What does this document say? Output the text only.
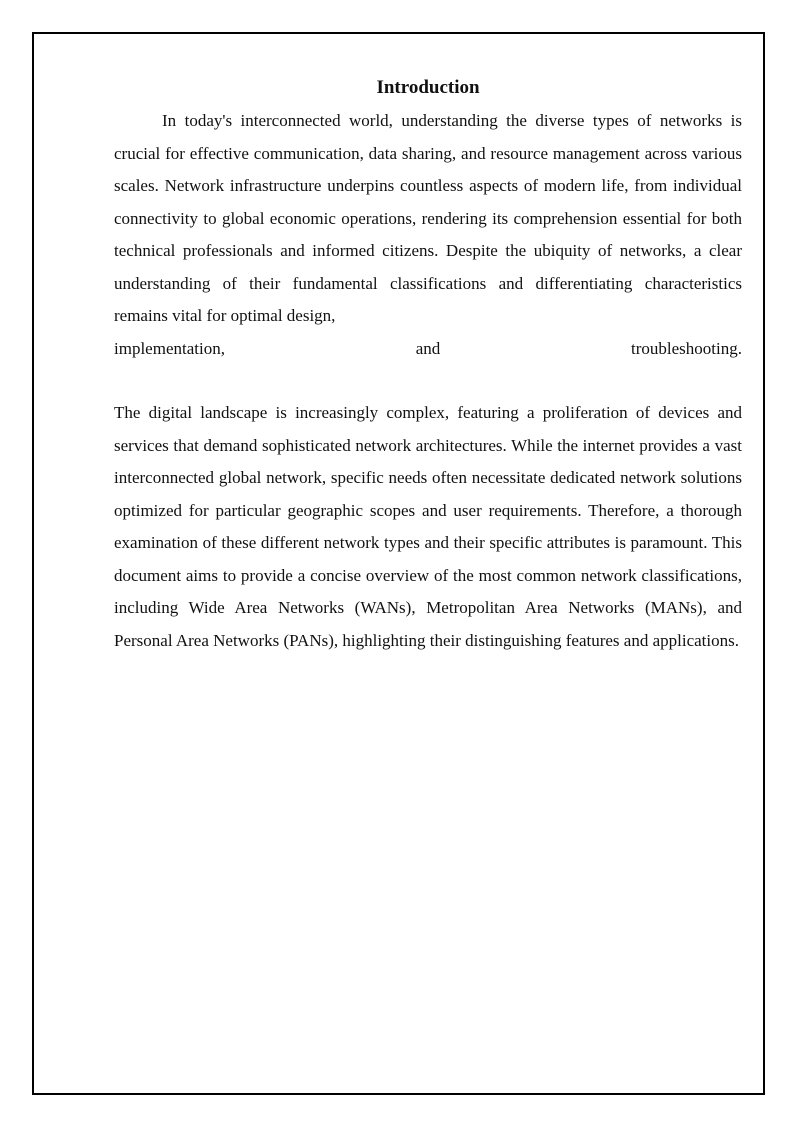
Introduction

In today's interconnected world, understanding the diverse types of networks is crucial for effective communication, data sharing, and resource management across various scales. Network infrastructure underpins countless aspects of modern life, from individual connectivity to global economic operations, rendering its comprehension essential for both technical professionals and informed citizens. Despite the ubiquity of networks, a clear understanding of their fundamental classifications and differentiating characteristics remains vital for optimal design,

implementation,	and	troubleshooting.

The digital landscape is increasingly complex, featuring a proliferation of devices and services that demand sophisticated network architectures. While the internet provides a vast interconnected global network, specific needs often necessitate dedicated network solutions optimized for particular geographic scopes and user requirements. Therefore, a thorough examination of these different network types and their specific attributes is paramount. This document aims to provide a concise overview of the most common network classifications, including Wide Area Networks (WANs), Metropolitan Area Networks (MANs), and Personal Area Networks (PANs), highlighting their distinguishing features and applications.
